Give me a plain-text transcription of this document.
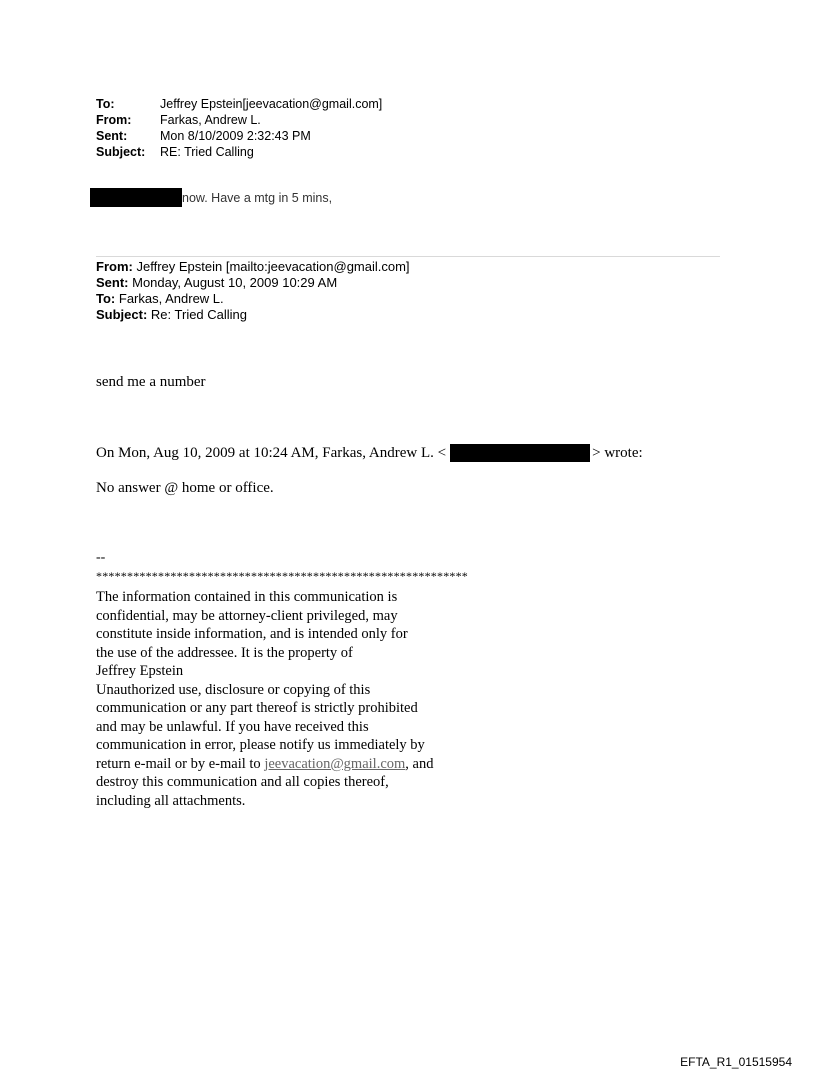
To:	Jeffrey Epstein[jeevacation@gmail.com]
From:	Farkas, Andrew L.
Sent:	Mon 8/10/2009 2:32:43 PM
Subject:	RE: Tried Calling
now. Have a mtg in 5 mins,
From: Jeffrey Epstein [mailto:jeevacation@gmail.com]
Sent: Monday, August 10, 2009 10:29 AM
To: Farkas, Andrew L.
Subject: Re: Tried Calling
send me a number
On Mon, Aug 10, 2009 at 10:24 AM, Farkas, Andrew L. <	> wrote:
No answer @ home or office.
--
************************************************************
The information contained in this communication is
confidential, may be attorney-client privileged, may
constitute inside information, and is intended only for
the use of the addressee. It is the property of
Jeffrey Epstein
Unauthorized use, disclosure or copying of this
communication or any part thereof is strictly prohibited
and may be unlawful. If you have received this
communication in error, please notify us immediately by
return e-mail or by e-mail to jeevacation@gmail.com, and
destroy this communication and all copies thereof,
including all attachments.
EFTA_R1_01515954
